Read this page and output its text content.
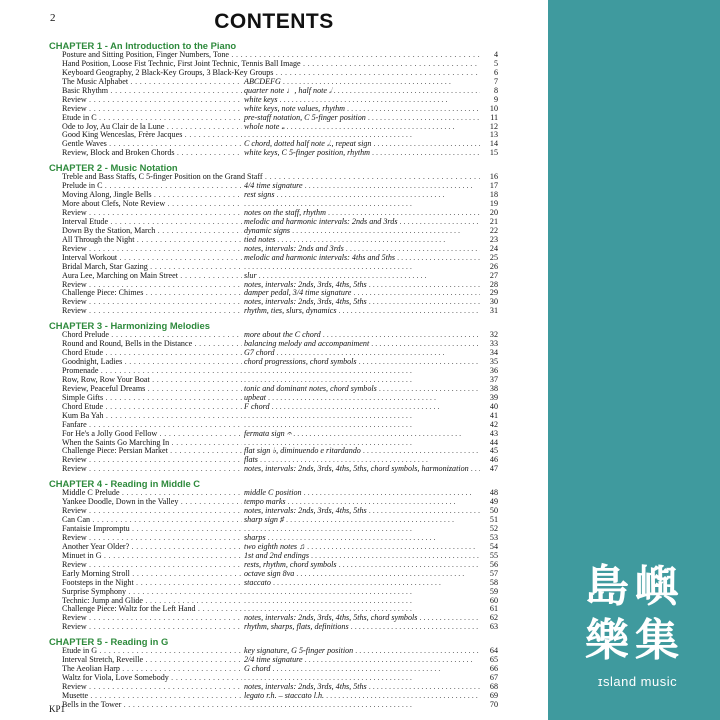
2	CONTENTS
CHAPTER 1 - An Introduction to the Piano
Posture and Sitting Position, Finger Numbers, Tone . . .	4
Hand Position, Loose Fist Technic, First Joint Technic, Tennis Ball Image . . .	5
Keyboard Geography, 2 Black-Key Groups, 3 Black-Key Groups . . .	6
The Music Alphabet . . .	ABCDEFG . . .	7
Basic Rhythm . . .	quarter note ♩, half note 𝅗𝅥 . . .	8
Review . . .	white keys . . .	9
Review . . .	white keys, note values, rhythm . . .	10
Etude in C . . .	pre-staff notation, C 5-finger position . . .	11
Ode to Joy, Au Clair de la Lune . . .	whole note 𝅝 . . .	12
Good King Wenceslas, Frère Jacques . . . . . .	13
Gentle Waves . . .	C chord, dotted half note 𝅗𝅥., repeat sign . . .	14
Review, Block and Broken Chords . . .	white keys, C 5-finger position, rhythm . . .	15
CHAPTER 2 - Music Notation
Treble and Bass Staffs, C 5-finger Position on the Grand Staff . . .	16
Prelude in C . . .	4/4 time signature . . .	17
Moving Along, Jingle Bells . . .	rest signs . . .	18
More about Clefs, Note Review . . . . . .	19
Review . . .	notes on the staff, rhythm . . .	20
Interval Etude . . .	melodic and harmonic intervals: 2nds and 3rds . . .	21
Down By the Station, March . . .	dynamic signs . . .	22
All Through the Night . . .	tied notes . . .	23
Review . . .	notes, intervals: 2nds and 3rds . . .	24
Interval Workout . . .	melodic and harmonic intervals: 4ths and 5ths . . .	25
Bridal March, Star Gazing . . . . . .	26
Aura Lee, Marching on Main Street . . .	slur . . .	27
Review . . .	notes, intervals: 2nds, 3rds, 4ths, 5ths . . .	28
Challenge Piece: Chimes . . .	damper pedal, 3/4 time signature . . .	29
Review . . .	notes, intervals: 2nds, 3rds, 4ths, 5ths . . .	30
Review . . .	rhythm, ties, slurs, dynamics . . .	31
CHAPTER 3 - Harmonizing Melodies
Chord Prelude . . .	more about the C chord . . .	32
Round and Round, Bells in the Distance . . .	balancing melody and accompaniment . . .	33
Chord Etude . . .	G7 chord . . .	34
Goodnight, Ladies . . .	chord progressions, chord symbols . . .	35
Promenade . . . . . .	36
Row, Row, Row Your Boat . . . . . .	37
Review, Peaceful Dreams . . .	tonic and dominant notes, chord symbols . . .	38
Simple Gifts . . .	upbeat . . .	39
Chord Etude . . .	F chord . . .	40
Kum Ba Yah . . . . . .	41
Fanfare . . . . . .	42
For He's a Jolly Good Fellow . . .	fermata sign 𝄐 . . .	43
When the Saints Go Marching In . . . . . .	44
Challenge Piece: Persian Market . . .	flat sign ♭, diminuendo e ritardando . . .	45
Review . . .	flats . . .	46
Review . . .	notes, intervals: 2nds, 3rds, 4ths, 5ths, chord symbols, harmonization . . .	47
CHAPTER 4 - Reading in Middle C
Middle C Prelude . . .	middle C position . . .	48
Yankee Doodle, Down in the Valley . . .	tempo marks . . .	49
Review . . .	notes, intervals: 2nds, 3rds, 4ths, 5ths . . .	50
Can Can . . .	sharp sign ♯ . . .	51
Fantaisie Impromptu . . . . . .	52
Review . . .	sharps . . .	53
Another Year Older? . . .	two eighth notes ♫ . . .	54
Minuet in G . . .	1st and 2nd endings . . .	55
Review . . .	rests, rhythm, chord symbols . . .	56
Early Morning Stroll . . .	octave sign 8va . . .	57
Footsteps in the Night . . .	staccato . . .	58
Surprise Symphony . . . . . .	59
Technic: Jump and Glide . . . . . .	60
Challenge Piece: Waltz for the Left Hand . . . . . .	61
Review . . .	notes, intervals: 2nds, 3rds, 4ths, 5ths, chord symbols . . .	62
Review . . .	rhythm, sharps, flats, definitions . . .	63
CHAPTER 5 - Reading in G
Etude in G . . .	key signature, G 5-finger position . . .	64
Interval Stretch, Reveille . . .	2/4 time signature . . .	65
The Aeolian Harp . . .	G chord . . .	66
Waltz for Viola, Love Somebody . . . . . .	67
Review . . .	notes, intervals: 2nds, 3rds, 4ths, 5ths . . .	68
Musette . . .	legato r.h. – staccato l.h. . . .	69
Bells in the Tower . . . . . .	70
KP1
島嶼
樂集
ɪsland music
